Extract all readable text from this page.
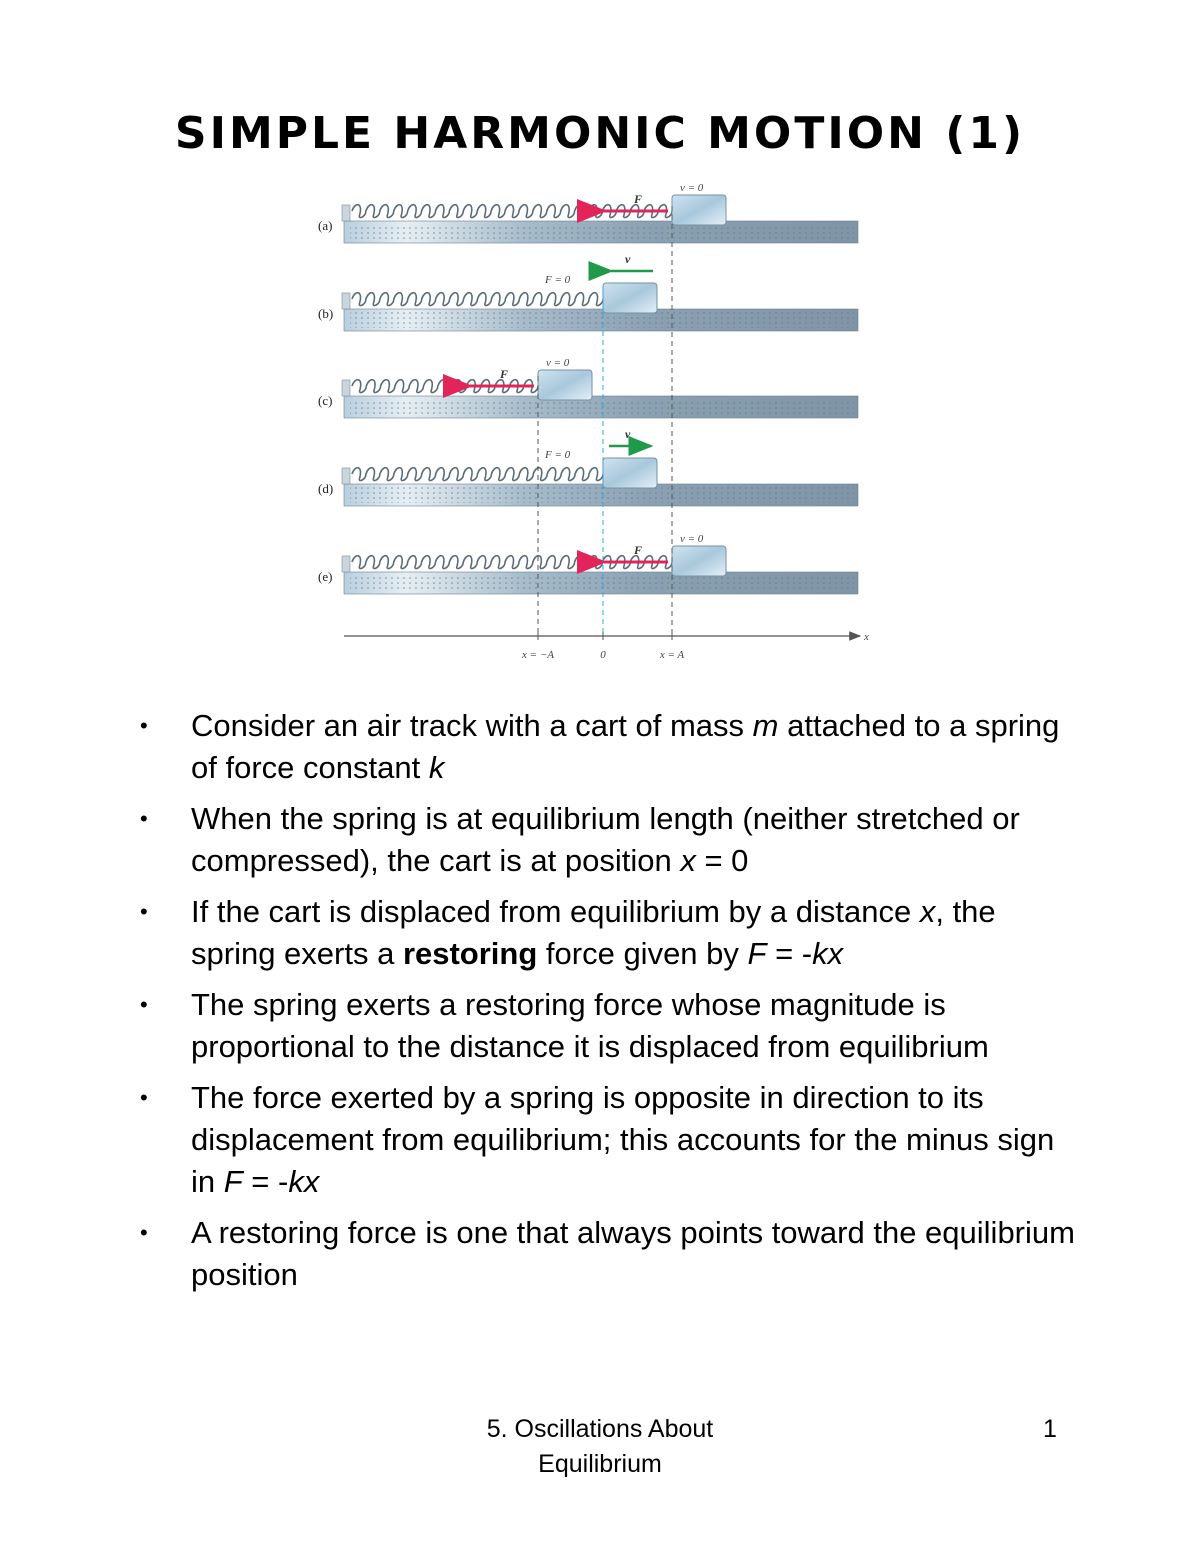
SIMPLE HARMONIC MOTION (1)
(a)
F
v = 0
(b)
F = 0
v
(c)
F
v = 0
(d)
F = 0
v
(e)
F
v = 0
x
x = −A	0	x = A
• Consider an air track with a cart of mass m attached to a spring of force constant k
• When the spring is at equilibrium length (neither stretched or compressed), the cart is at position x = 0
• If the cart is displaced from equilibrium by a distance x, the spring exerts a restoring force given by F = -kx
• The spring exerts a restoring force whose magnitude is proportional to the distance it is displaced from equilibrium
• The force exerted by a spring is opposite in direction to its displacement from equilibrium; this accounts for the minus sign in F = -kx
• A restoring force is one that always points toward the equilibrium position
5. Oscillations About
Equilibrium
1
